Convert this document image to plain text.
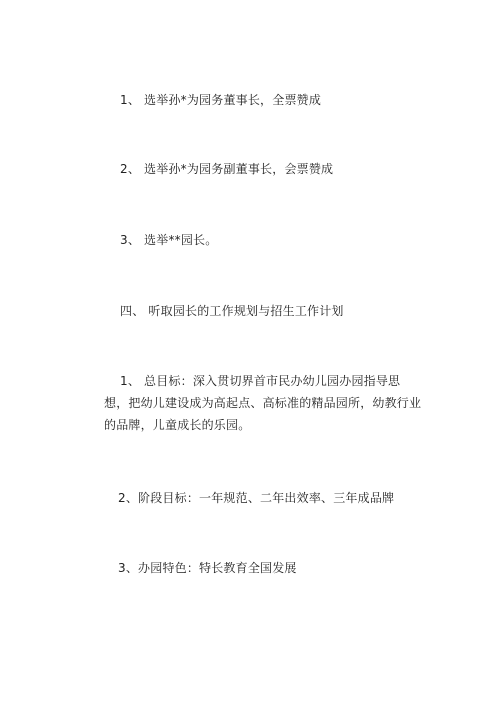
1、 选举孙*为园务董事长，全票赞成
2、 选举孙*为园务副董事长，会票赞成
3、 选举**园长。
四、 听取园长的工作规划与招生工作计划
1、 总目标：深入贯切界首市民办幼儿园办园指导思
想，把幼儿建设成为高起点、高标准的精品园所，幼教行业
的品牌，儿童成长的乐园。
2、阶段目标：一年规范、二年出效率、三年成品牌
3、办园特色：特长教育全国发展
